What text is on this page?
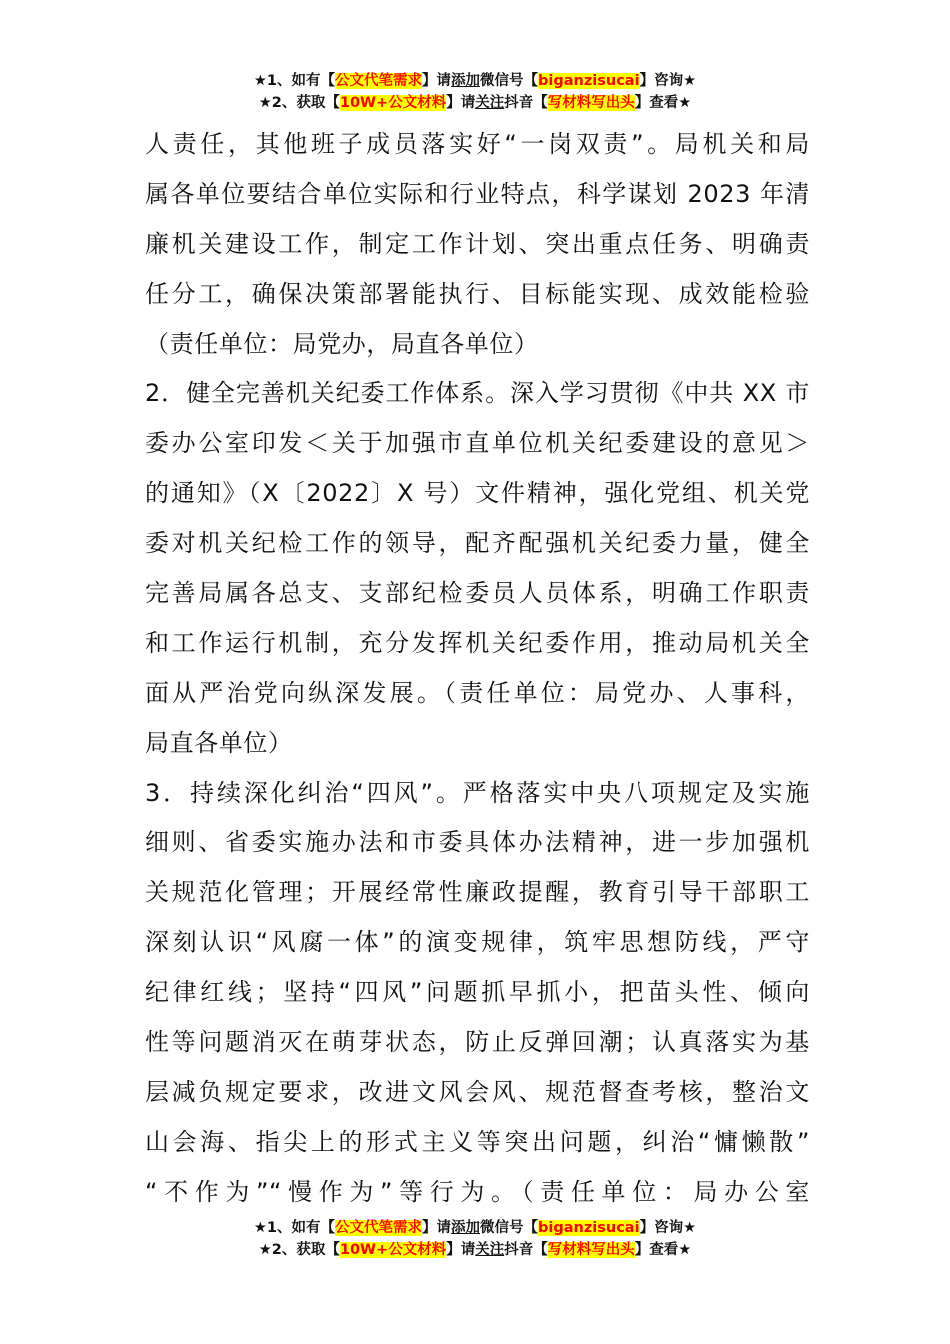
★1、如有【公文代笔需求】请添加微信号【biganzisucai】咨询★
★2、获取【10W+公文材料】请关注抖音【写材料写出头】查看★
人责任，其他班子成员落实好“一岗双责”。局机关和局
属各单位要结合单位实际和行业特点，科学谋划 2023 年清
廉机关建设工作，制定工作计划、突出重点任务、明确责
任分工，确保决策部署能执行、目标能实现、成效能检验
（责任单位：局党办，局直各单位）
2．健全完善机关纪委工作体系。深入学习贯彻《中共 XX 市
委办公室印发＜关于加强市直单位机关纪委建设的意见＞
的通知》（X〔2022〕X 号）文件精神，强化党组、机关党
委对机关纪检工作的领导，配齐配强机关纪委力量，健全
完善局属各总支、支部纪检委员人员体系，明确工作职责
和工作运行机制，充分发挥机关纪委作用，推动局机关全
面从严治党向纵深发展。（责任单位：局党办、人事科，
局直各单位）
3．持续深化纠治“四风”。严格落实中央八项规定及实施
细则、省委实施办法和市委具体办法精神，进一步加强机
关规范化管理；开展经常性廉政提醒，教育引导干部职工
深刻认识“风腐一体”的演变规律，筑牢思想防线，严守
纪律红线；坚持“四风”问题抓早抓小，把苗头性、倾向
性等问题消灭在萌芽状态，防止反弹回潮；认真落实为基
层减负规定要求，改进文风会风、规范督查考核，整治文
山会海、指尖上的形式主义等突出问题，纠治“慵懒散”
“不作为”“慢作为”等行为。（责任单位：局办公室
★1、如有【公文代笔需求】请添加微信号【biganzisucai】咨询★
★2、获取【10W+公文材料】请关注抖音【写材料写出头】查看★
